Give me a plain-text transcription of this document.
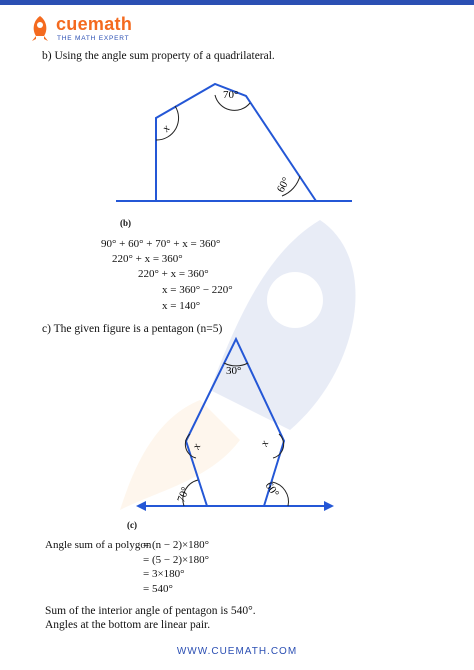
cuemath
THE MATH EXPERT
b) Using the angle sum property of a quadrilateral.
x
70°
60°
(b)
90° + 60° + 70° + x = 360°
220° + x = 360°
220° + x = 360°
x = 360° − 220°
x = 140°
c) The given figure is a pentagon (n=5)
30°
x	x
70°	60°
(c)
Angle sum of a polygon
= (n − 2)×180°
= (5 − 2)×180°
= 3×180°
= 540°
Sum of the interior angle of pentagon is 540°.
Angles at the bottom are linear pair.
WWW.CUEMATH.COM
